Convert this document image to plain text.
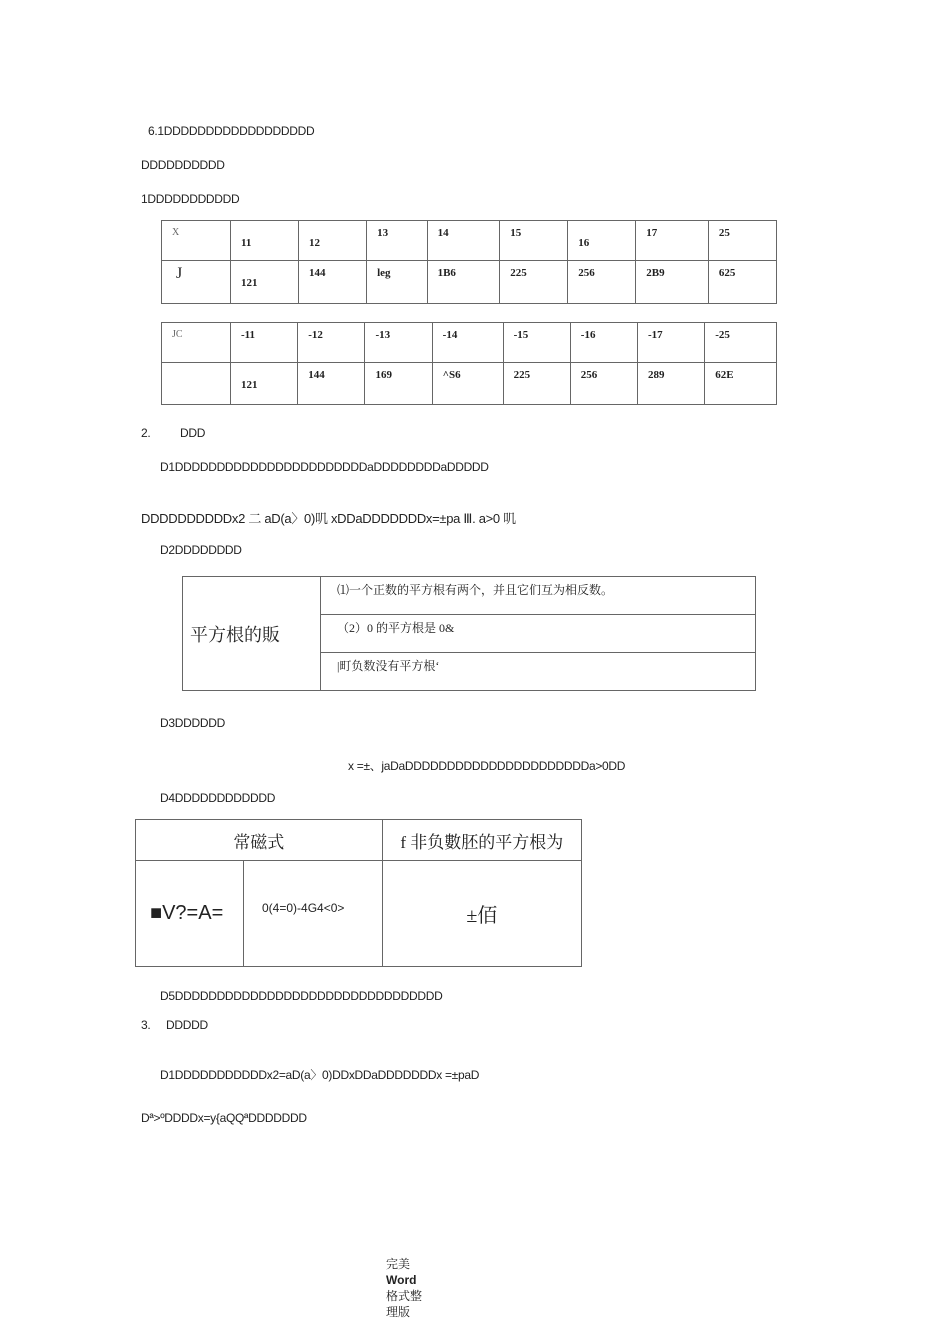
6.1DDDDDDDDDDDDDDDDDD
DDDDDDDDDD
1DDDDDDDDDDD
X	11	12	13	14	15	16	17	25

J	121	144	leg	1B6	225	256	2B9	625
JC	-11	-12	-13	-14	-15	-16	-17	-25

	121	144	169	^S6	225	256	289	62E
2. DDD
D1DDDDDDDDDDDDDDDDDDDDDDDaDDDDDDDDaDDDDD
DDDDDDDDDDx2 二 aD(a〉0)叽 xDDaDDDDDDDx=±pa Ⅲ. a>0 叽
D2DDDDDDDD
平方根的販

⑴一个正数的平方根有两个，并且它们互为相反数。

（2）0 的平方根是 0&

|町负数没有平方根‘
D3DDDDDD
x =±、jaDaDDDDDDDDDDDDDDDDDDDDDDa>0DD
D4DDDDDDDDDDDD
常磁式		f 非负數胚的平方根为

■V?=A=	0(4=0)-4G4<0>	±佰
D5DDDDDDDDDDDDDDDDDDDDDDDDDDDDDDDD
3. DDDDD
D1DDDDDDDDDDDx2=aD(a〉0)DDxDDaDDDDDDDx =±paD
Dª>ºDDDDx=y{aQQªDDDDDDD
完美
Word
格式整
理版
